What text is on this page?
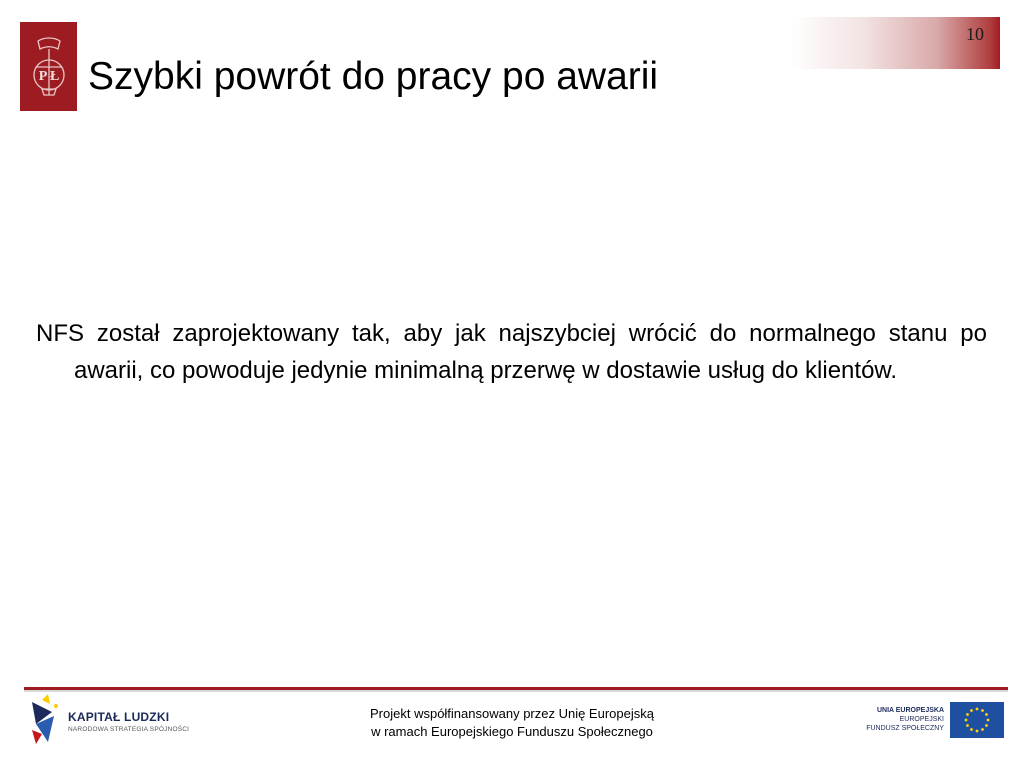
10
P Ł Szybki powrót do pracy po awarii
NFS został zaprojektowany tak, aby jak najszybciej wrócić do normalnego stanu po awarii, co powoduje jedynie minimalną przerwę w dostawie usług do klientów.
KAPITAŁ LUDZKI
NARODOWA STRATEGIA SPÓJNOŚCI
Projekt współfinansowany przez Unię Europejską
w ramach Europejskiego Funduszu Społecznego
UNIA EUROPEJSKA
EUROPEJSKI
FUNDUSZ SPOŁECZNY
